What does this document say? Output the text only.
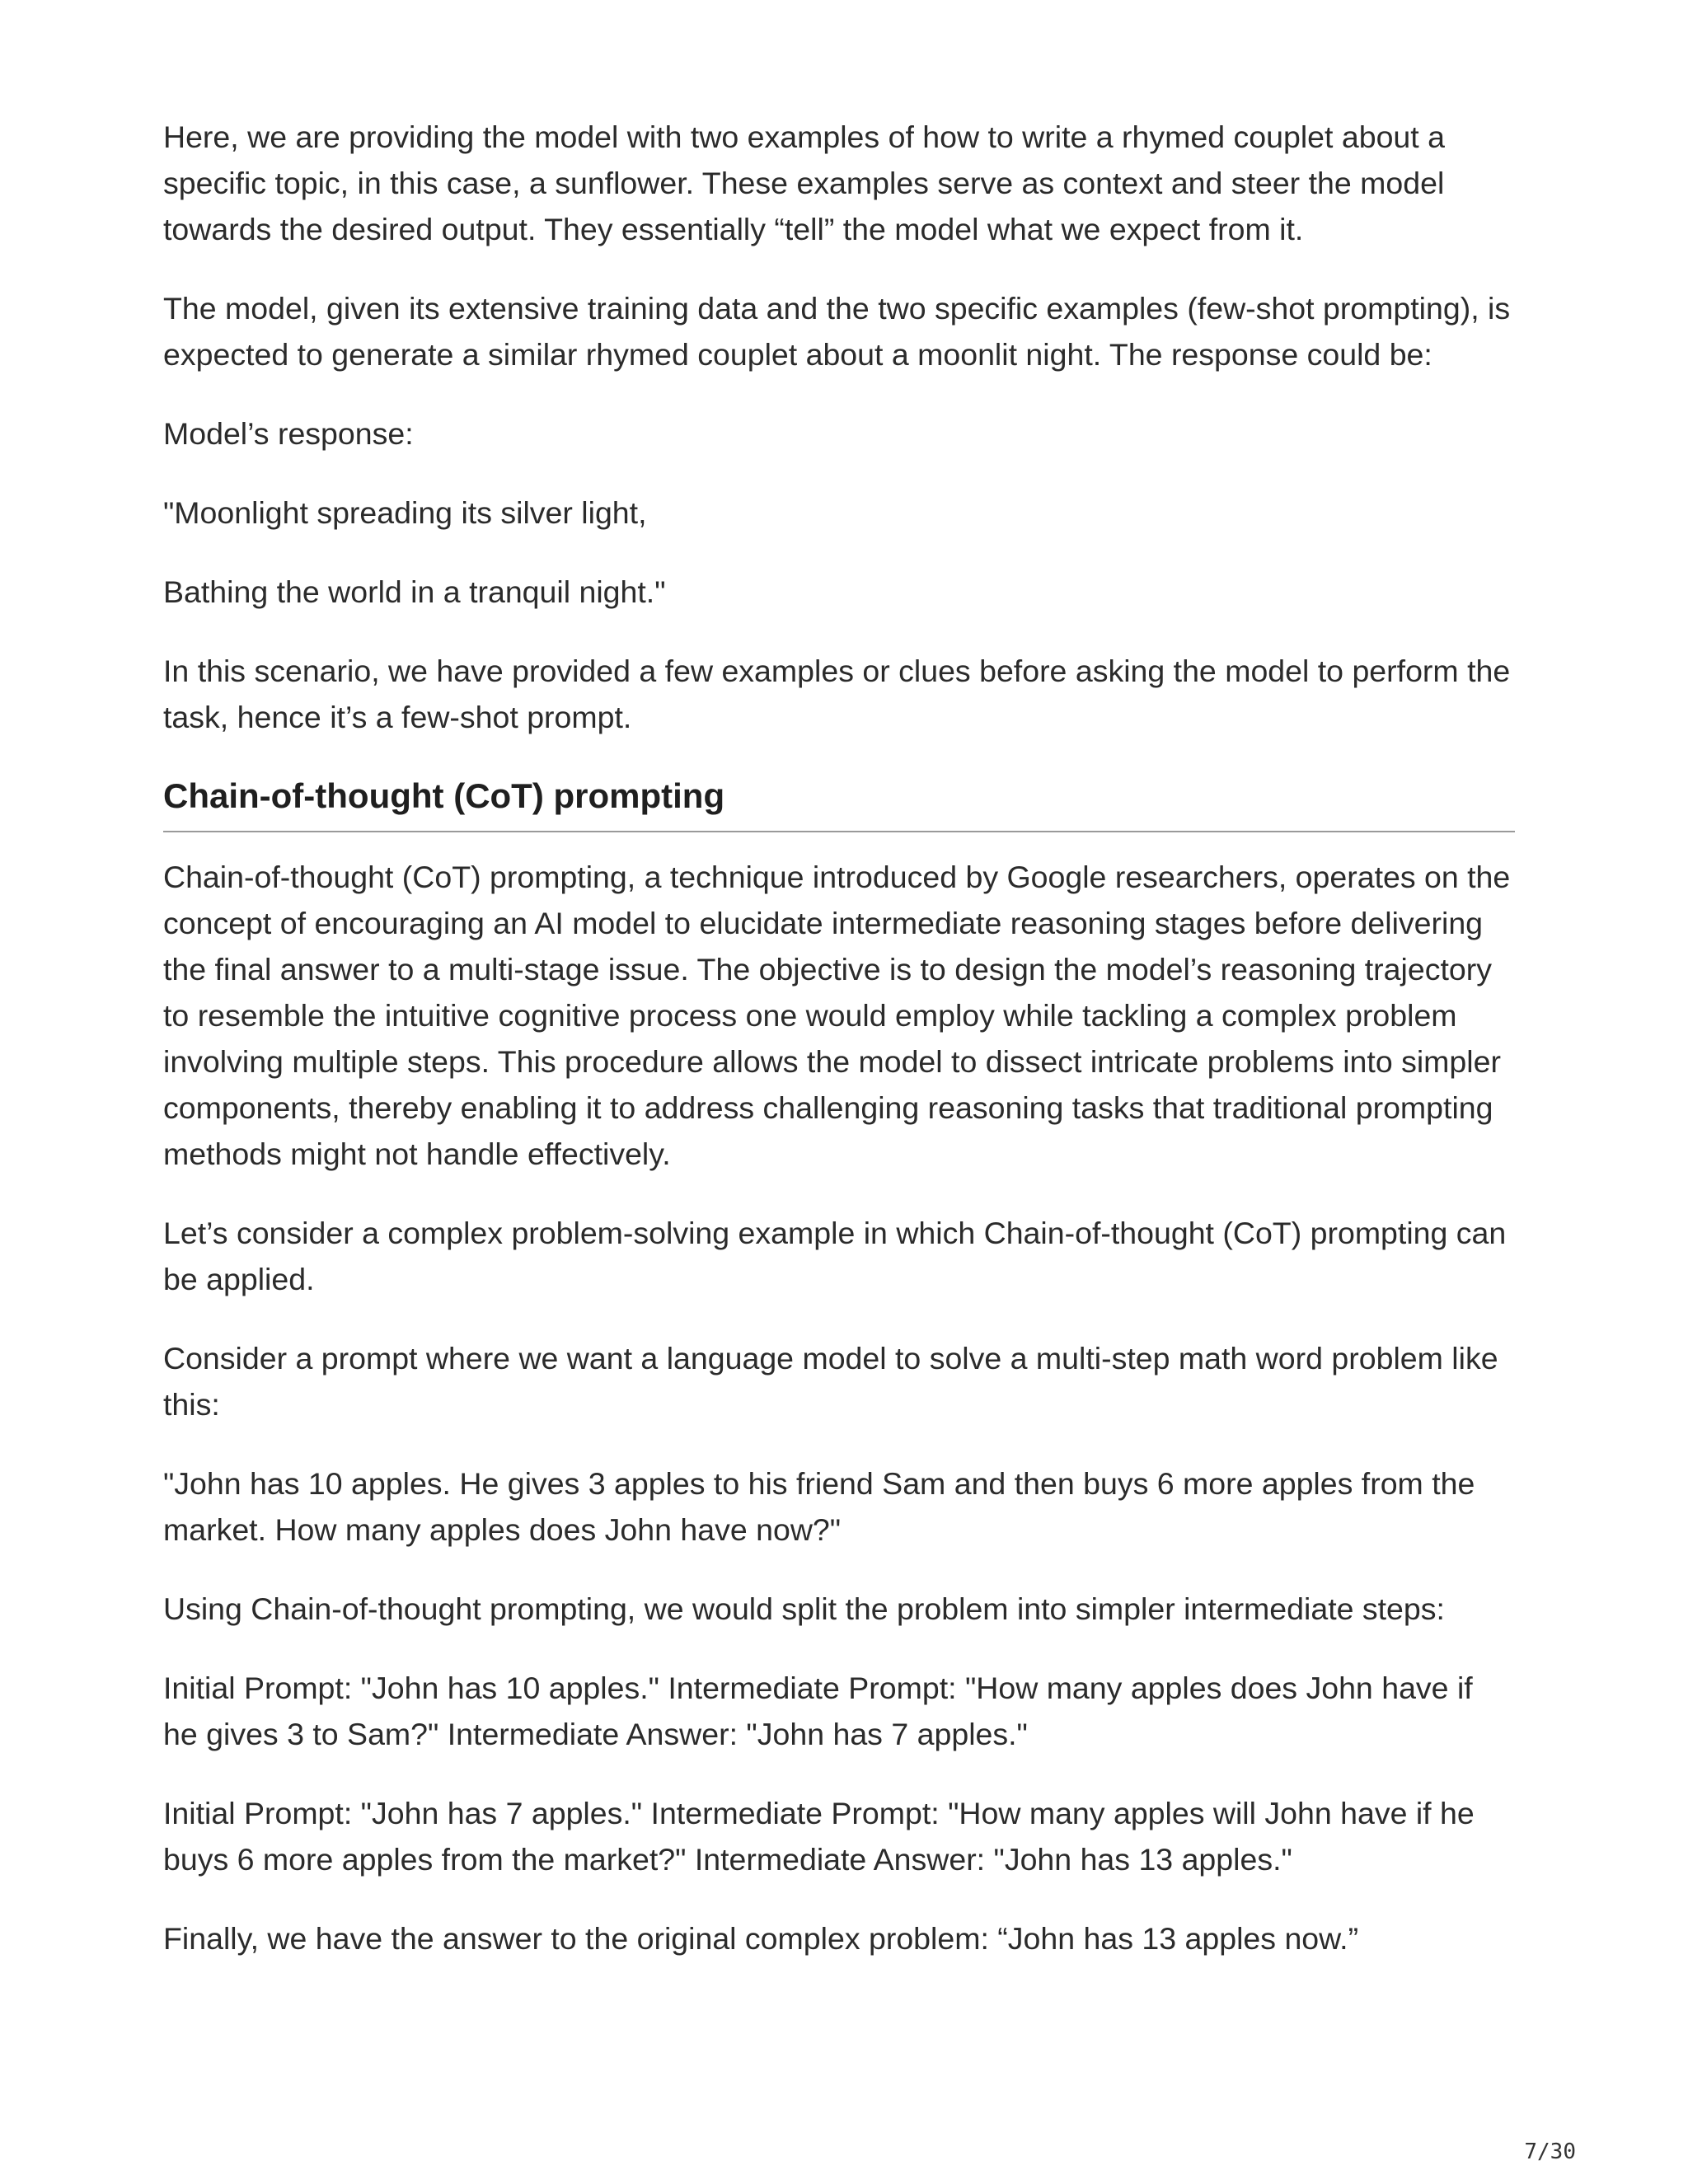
Here, we are providing the model with two examples of how to write a rhymed couplet about a specific topic, in this case, a sunflower. These examples serve as context and steer the model towards the desired output. They essentially “tell” the model what we expect from it.

The model, given its extensive training data and the two specific examples (few-shot prompting), is expected to generate a similar rhymed couplet about a moonlit night. The response could be:

Model’s response:

"Moonlight spreading its silver light,

Bathing the world in a tranquil night."

In this scenario, we have provided a few examples or clues before asking the model to perform the task, hence it’s a few-shot prompt.

Chain-of-thought (CoT) prompting

Chain-of-thought (CoT) prompting, a technique introduced by Google researchers, operates on the concept of encouraging an AI model to elucidate intermediate reasoning stages before delivering the final answer to a multi-stage issue. The objective is to design the model’s reasoning trajectory to resemble the intuitive cognitive process one would employ while tackling a complex problem involving multiple steps. This procedure allows the model to dissect intricate problems into simpler components, thereby enabling it to address challenging reasoning tasks that traditional prompting methods might not handle effectively.

Let’s consider a complex problem-solving example in which Chain-of-thought (CoT) prompting can be applied.

Consider a prompt where we want a language model to solve a multi-step math word problem like this:

"John has 10 apples. He gives 3 apples to his friend Sam and then buys 6 more apples from the market. How many apples does John have now?"

Using Chain-of-thought prompting, we would split the problem into simpler intermediate steps:

Initial Prompt: "John has 10 apples." Intermediate Prompt: "How many apples does John have if he gives 3 to Sam?" Intermediate Answer: "John has 7 apples."

Initial Prompt: "John has 7 apples." Intermediate Prompt: "How many apples will John have if he buys 6 more apples from the market?" Intermediate Answer: "John has 13 apples."

Finally, we have the answer to the original complex problem: “John has 13 apples now.”

7/30
